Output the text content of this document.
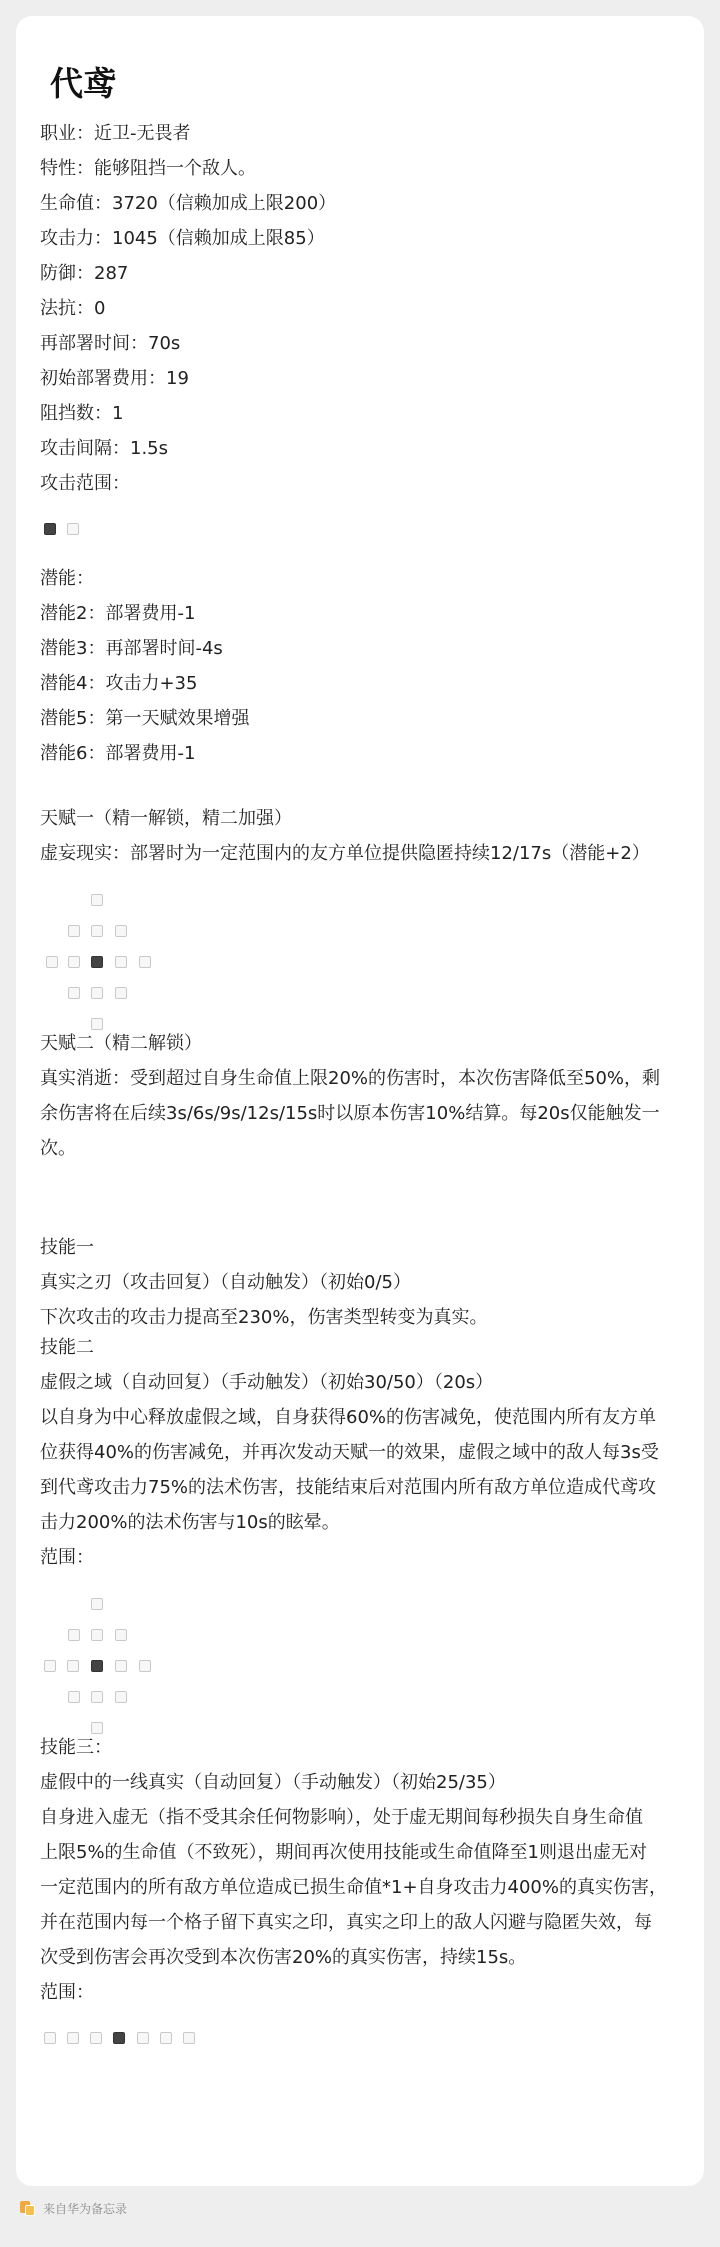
代鸢
职业：近卫-无畏者
特性：能够阻挡一个敌人。
生命值：3720（信赖加成上限200）
攻击力：1045（信赖加成上限85）
防御：287
法抗：0
再部署时间：70s
初始部署费用：19
阻挡数：1
攻击间隔：1.5s
攻击范围：
潜能：
潜能2：部署费用-1
潜能3：再部署时间-4s
潜能4：攻击力+35
潜能5：第一天赋效果增强
潜能6：部署费用-1
天赋一（精一解锁，精二加强）
虚妄现实：部署时为一定范围内的友方单位提供隐匿持续12/17s（潜能+2）
天赋二（精二解锁）
真实消逝：受到超过自身生命值上限20%的伤害时，本次伤害降低至50%，剩
余伤害将在后续3s/6s/9s/12s/15s时以原本伤害10%结算。每20s仅能触发一
次。
技能一
真实之刃（攻击回复）（自动触发）（初始0/5）
下次攻击的攻击力提高至230%，伤害类型转变为真实。
技能二
虚假之域（自动回复）（手动触发）（初始30/50）（20s）
以自身为中心释放虚假之域，自身获得60%的伤害减免，使范围内所有友方单
位获得40%的伤害减免，并再次发动天赋一的效果，虚假之域中的敌人每3s受
到代鸢攻击力75%的法术伤害，技能结束后对范围内所有敌方单位造成代鸢攻
击力200%的法术伤害与10s的眩晕。
范围：
技能三：
虚假中的一线真实（自动回复）（手动触发）（初始25/35）
自身进入虚无（指不受其余任何物影响），处于虚无期间每秒损失自身生命值
上限5%的生命值（不致死），期间再次使用技能或生命值降至1则退出虚无对
一定范围内的所有敌方单位造成已损生命值*1+自身攻击力400%的真实伤害，
并在范围内每一个格子留下真实之印，真实之印上的敌人闪避与隐匿失效，每
次受到伤害会再次受到本次伤害20%的真实伤害，持续15s。
范围：
来自华为备忘录
